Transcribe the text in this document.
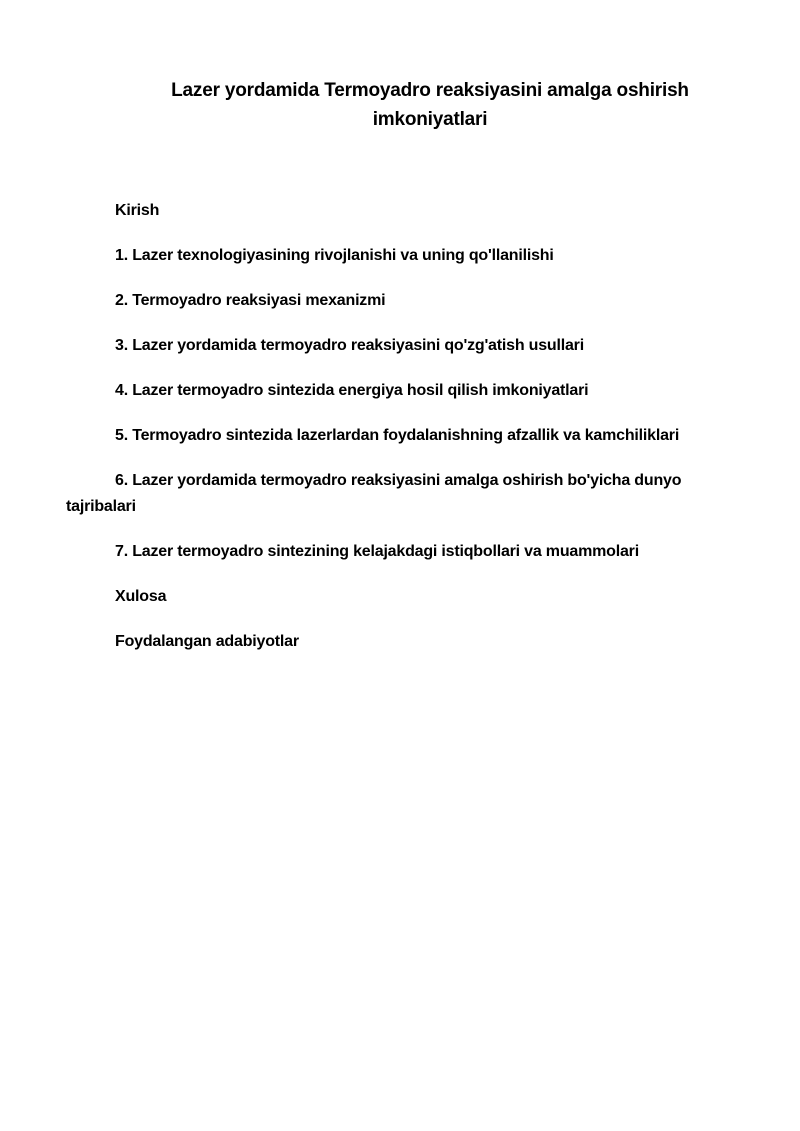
Lazer yordamida Termoyadro reaksiyasini amalga oshirish imkoniyatlari

Kirish

1. Lazer texnologiyasining rivojlanishi va uning qo'llanilishi

2. Termoyadro reaksiyasi mexanizmi

3. Lazer yordamida termoyadro reaksiyasini qo'zg'atish usullari

4. Lazer termoyadro sintezida energiya hosil qilish imkoniyatlari

5. Termoyadro sintezida lazerlardan foydalanishning afzallik va kamchiliklari

6. Lazer yordamida termoyadro reaksiyasini amalga oshirish bo'yicha dunyo tajribalari

7. Lazer termoyadro sintezining kelajakdagi istiqbollari va muammolari

Xulosa

Foydalangan adabiyotlar
